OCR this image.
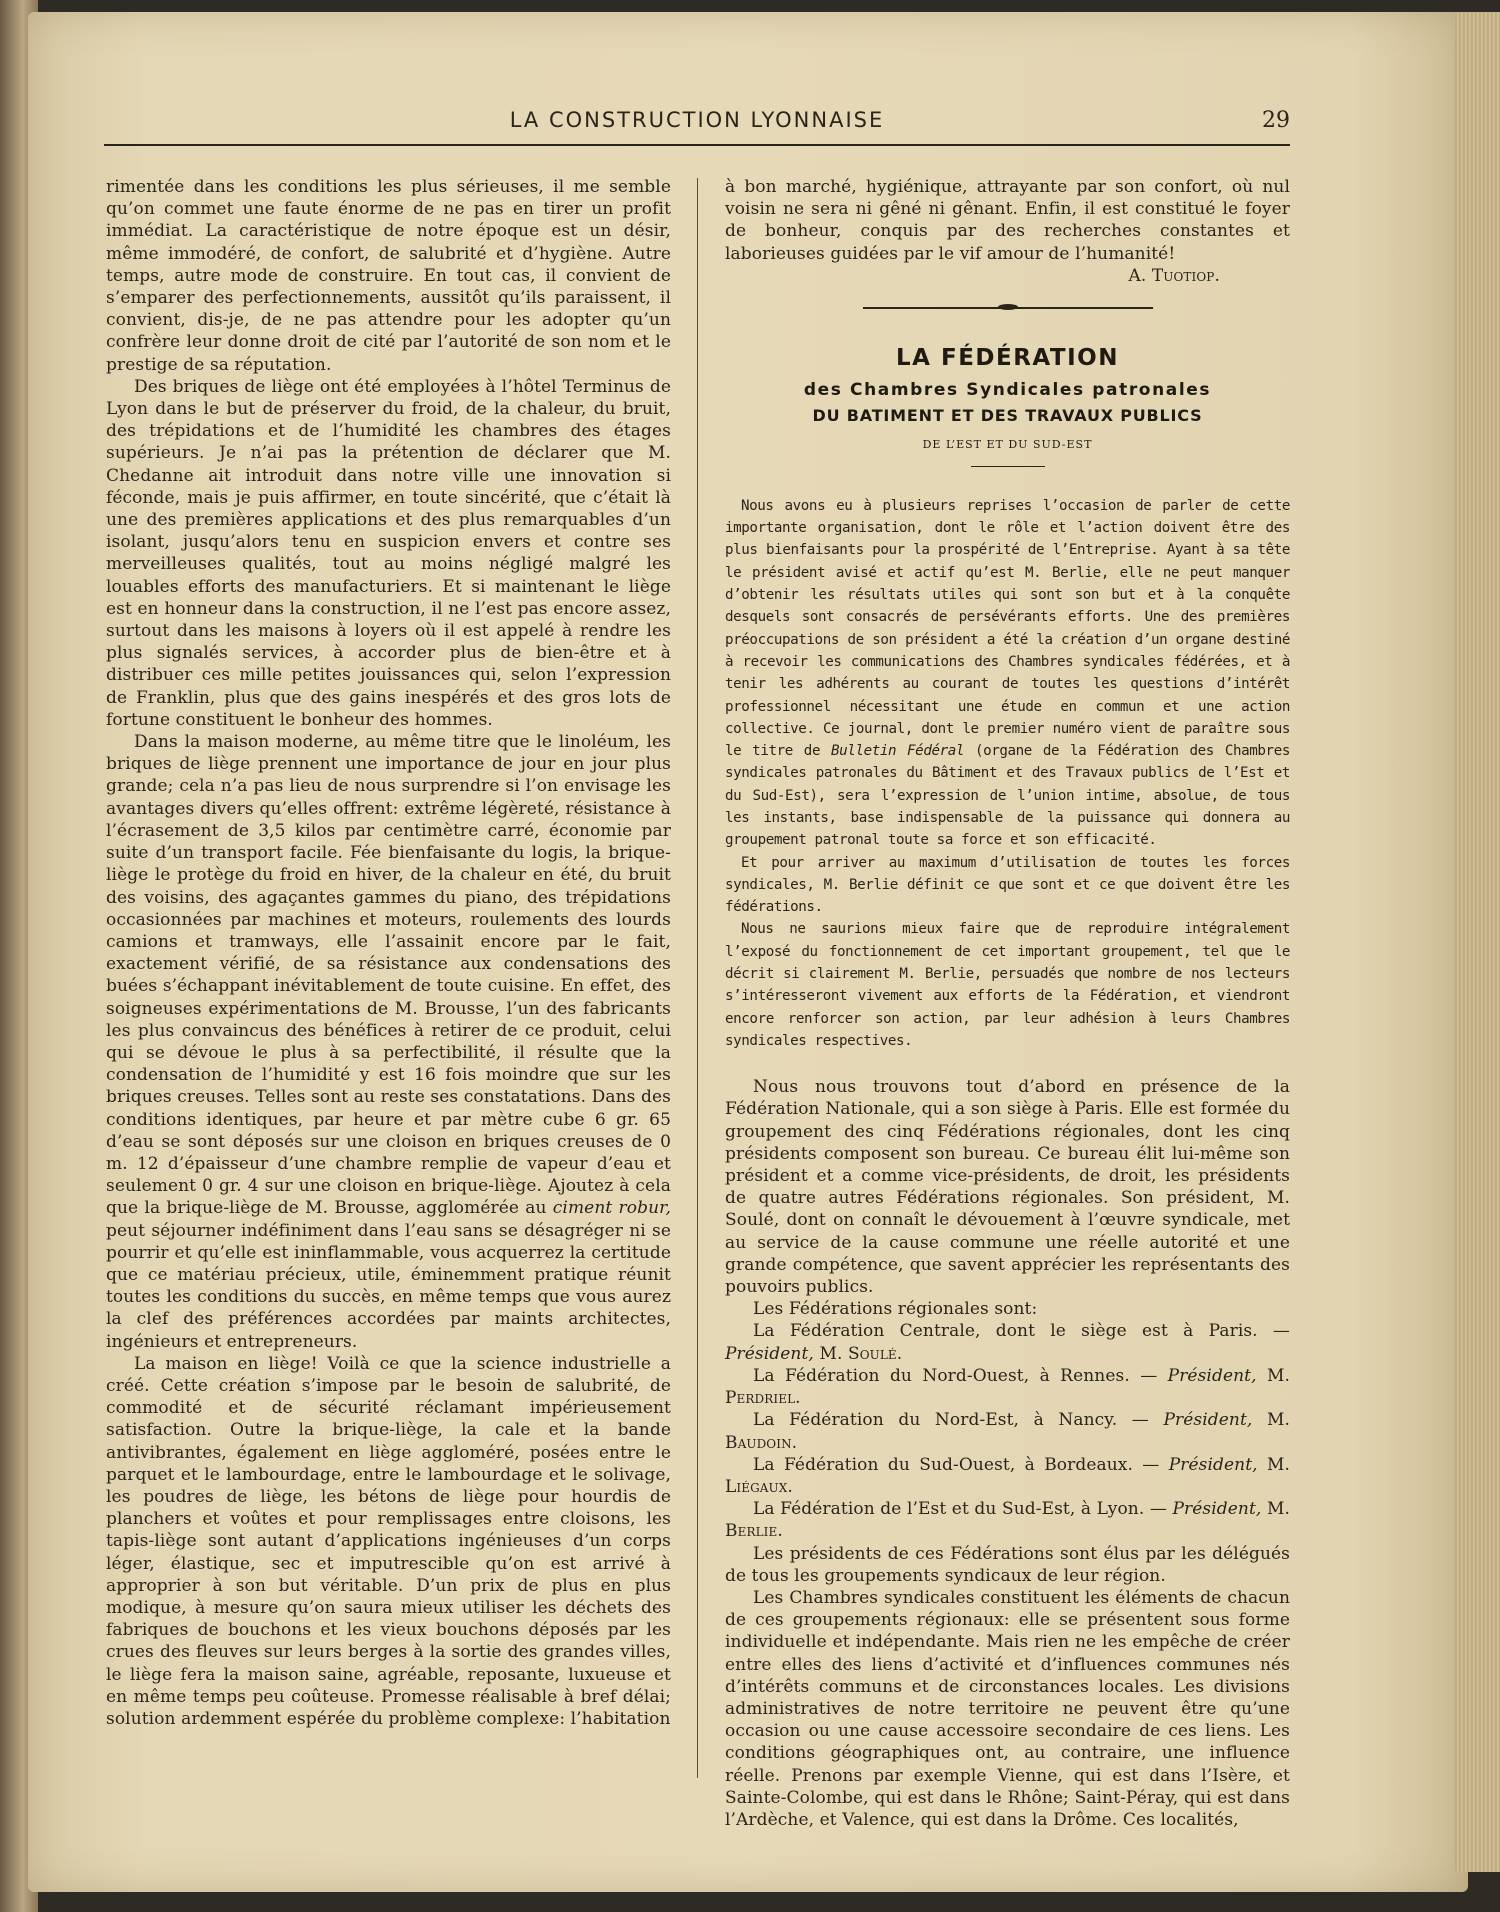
LA CONSTRUCTION LYONNAISE	29

rimentée dans les conditions les plus sérieuses, il me semble qu’on commet une faute énorme de ne pas en tirer un profit immédiat. La caractéristique de notre époque est un désir, même immodéré, de confort, de salubrité et d’hygiène. Autre temps, autre mode de construire. En tout cas, il convient de s’emparer des perfectionnements, aussitôt qu’ils paraissent, il convient, dis-je, de ne pas attendre pour les adopter qu’un confrère leur donne droit de cité par l’autorité de son nom et le prestige de sa réputation.

Des briques de liège ont été employées à l’hôtel Terminus de Lyon dans le but de préserver du froid, de la chaleur, du bruit, des trépidations et de l’humidité les chambres des étages supérieurs. Je n’ai pas la prétention de déclarer que M. Chedanne ait introduit dans notre ville une innovation si féconde, mais je puis affirmer, en toute sincérité, que c’était là une des premières applications et des plus remarquables d’un isolant, jusqu’alors tenu en suspicion envers et contre ses merveilleuses qualités, tout au moins négligé malgré les louables efforts des manufacturiers. Et si maintenant le liège est en honneur dans la construction, il ne l’est pas encore assez, surtout dans les maisons à loyers où il est appelé à rendre les plus signalés services, à accorder plus de bien-être et à distribuer ces mille petites jouissances qui, selon l’expression de Franklin, plus que des gains inespérés et des gros lots de fortune constituent le bonheur des hommes.

Dans la maison moderne, au même titre que le linoléum, les briques de liège prennent une importance de jour en jour plus grande; cela n’a pas lieu de nous surprendre si l’on envisage les avantages divers qu’elles offrent: extrême légèreté, résistance à l’écrasement de 3,5 kilos par centimètre carré, économie par suite d’un transport facile. Fée bienfaisante du logis, la brique-liège le protège du froid en hiver, de la chaleur en été, du bruit des voisins, des agaçantes gammes du piano, des trépidations occasionnées par machines et moteurs, roulements des lourds camions et tramways, elle l’assainit encore par le fait, exactement vérifié, de sa résistance aux condensations des buées s’échappant inévitablement de toute cuisine. En effet, des soigneuses expérimentations de M. Brousse, l’un des fabricants les plus convaincus des bénéfices à retirer de ce produit, celui qui se dévoue le plus à sa perfectibilité, il résulte que la condensation de l’humidité y est 16 fois moindre que sur les briques creuses. Telles sont au reste ses constatations. Dans des conditions identiques, par heure et par mètre cube 6 gr. 65 d’eau se sont déposés sur une cloison en briques creuses de 0 m. 12 d’épaisseur d’une chambre remplie de vapeur d’eau et seulement 0 gr. 4 sur une cloison en brique-liège. Ajoutez à cela que la brique-liège de M. Brousse, agglomérée au ciment robur, peut séjourner indéfiniment dans l’eau sans se désagréger ni se pourrir et qu’elle est ininflammable, vous acquerrez la certitude que ce matériau précieux, utile, éminemment pratique réunit toutes les conditions du succès, en même temps que vous aurez la clef des préférences accordées par maints architectes, ingénieurs et entrepreneurs.

La maison en liège! Voilà ce que la science industrielle a créé. Cette création s’impose par le besoin de salubrité, de commodité et de sécurité réclamant impérieusement satisfaction. Outre la brique-liège, la cale et la bande antivibrantes, également en liège aggloméré, posées entre le parquet et le lambourdage, entre le lambourdage et le solivage, les poudres de liège, les bétons de liège pour hourdis de planchers et voûtes et pour remplissages entre cloisons, les tapis-liège sont autant d’applications ingénieuses d’un corps léger, élastique, sec et imputrescible qu’on est arrivé à approprier à son but véritable. D’un prix de plus en plus modique, à mesure qu’on saura mieux utiliser les déchets des fabriques de bouchons et les vieux bouchons déposés par les crues des fleuves sur leurs berges à la sortie des grandes villes, le liège fera la maison saine, agréable, reposante, luxueuse et en même temps peu coûteuse. Promesse réalisable à bref délai; solution ardemment espérée du problème complexe: l’habitation

à bon marché, hygiénique, attrayante par son confort, où nul voisin ne sera ni gêné ni gênant. Enfin, il est constitué le foyer de bonheur, conquis par des recherches constantes et laborieuses guidées par le vif amour de l’humanité!

A. Tuotiop.

LA FÉDÉRATION
des Chambres Syndicales patronales
DU BATIMENT ET DES TRAVAUX PUBLICS
DE L’EST ET DU SUD-EST

Nous avons eu à plusieurs reprises l’occasion de parler de cette importante organisation, dont le rôle et l’action doivent être des plus bienfaisants pour la prospérité de l’Entreprise. Ayant à sa tête le président avisé et actif qu’est M. Berlie, elle ne peut manquer d’obtenir les résultats utiles qui sont son but et à la conquête desquels sont consacrés de persévérants efforts. Une des premières préoccupations de son président a été la création d’un organe destiné à recevoir les communications des Chambres syndicales fédérées, et à tenir les adhérents au courant de toutes les questions d’intérêt professionnel nécessitant une étude en commun et une action collective. Ce journal, dont le premier numéro vient de paraître sous le titre de Bulletin Fédéral (organe de la Fédération des Chambres syndicales patronales du Bâtiment et des Travaux publics de l’Est et du Sud-Est), sera l’expression de l’union intime, absolue, de tous les instants, base indispensable de la puissance qui donnera au groupement patronal toute sa force et son efficacité.

Et pour arriver au maximum d’utilisation de toutes les forces syndicales, M. Berlie définit ce que sont et ce que doivent être les fédérations.

Nous ne saurions mieux faire que de reproduire intégralement l’exposé du fonctionnement de cet important groupement, tel que le décrit si clairement M. Berlie, persuadés que nombre de nos lecteurs s’intéresseront vivement aux efforts de la Fédération, et viendront encore renforcer son action, par leur adhésion à leurs Chambres syndicales respectives.

Nous nous trouvons tout d’abord en présence de la Fédération Nationale, qui a son siège à Paris. Elle est formée du groupement des cinq Fédérations régionales, dont les cinq présidents composent son bureau. Ce bureau élit lui-même son président et a comme vice-présidents, de droit, les présidents de quatre autres Fédérations régionales. Son président, M. Soulé, dont on connaît le dévouement à l’œuvre syndicale, met au service de la cause commune une réelle autorité et une grande compétence, que savent apprécier les représentants des pouvoirs publics.

Les Fédérations régionales sont:

La Fédération Centrale, dont le siège est à Paris. — Président, M. Soulé.

La Fédération du Nord-Ouest, à Rennes. — Président, M. Perdriel.

La Fédération du Nord-Est, à Nancy. — Président, M. Baudoin.

La Fédération du Sud-Ouest, à Bordeaux. — Président, M. Liégaux.

La Fédération de l’Est et du Sud-Est, à Lyon. — Président, M. Berlie.

Les présidents de ces Fédérations sont élus par les délégués de tous les groupements syndicaux de leur région.

Les Chambres syndicales constituent les éléments de chacun de ces groupements régionaux: elle se présentent sous forme individuelle et indépendante. Mais rien ne les empêche de créer entre elles des liens d’activité et d’influences communes nés d’intérêts communs et de circonstances locales. Les divisions administratives de notre territoire ne peuvent être qu’une occasion ou une cause accessoire secondaire de ces liens. Les conditions géographiques ont, au contraire, une influence réelle. Prenons par exemple Vienne, qui est dans l’Isère, et Sainte-Colombe, qui est dans le Rhône; Saint-Péray, qui est dans l’Ardèche, et Valence, qui est dans la Drôme. Ces localités,
